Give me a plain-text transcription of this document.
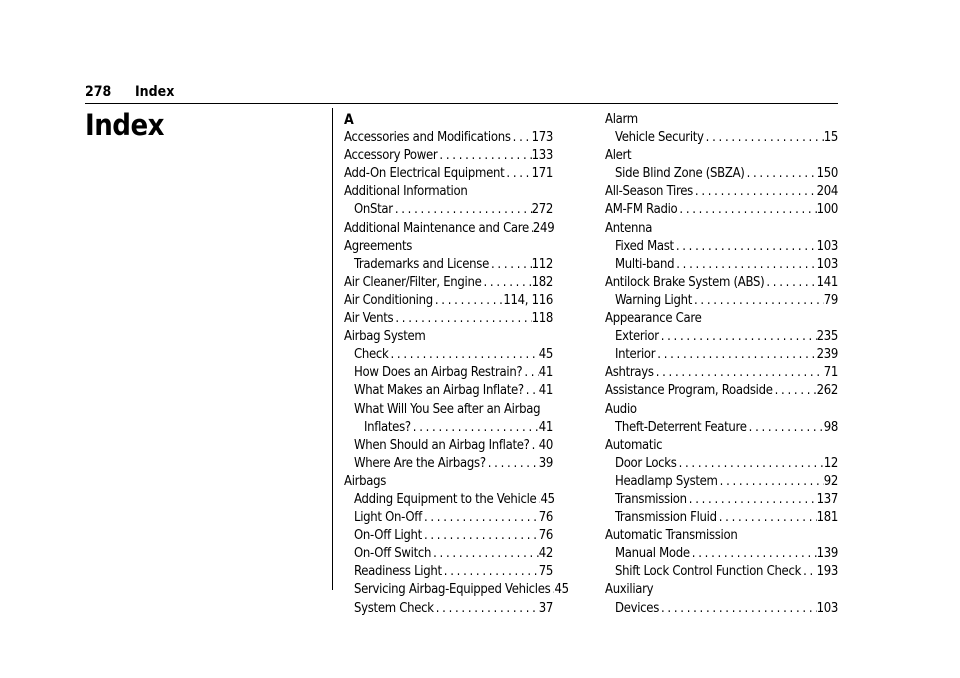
278 Index
Index	A
Accessories and Modifications . . . 173
Accessory Power . . .	133
Add-On Electrical Equipment . . . 171
Additional Information
OnStar . . .	272
Additional Maintenance and Care . . . 249
Agreements
Trademarks and License . . .	112
Air Cleaner/Filter, Engine . . .	182
Air Conditioning . . .	114, 116
Air Vents . . .	118
Airbag System
Check . . .	45
How Does an Airbag Restrain? . . . 41
What Makes an Airbag Inflate? . . . 41
What Will You See after an Airbag
Inflates? . . .	41
When Should an Airbag Inflate? . . . 40
Where Are the Airbags? . . .	39
Airbags
Adding Equipment to the Vehicle . . . 45
Light On-Off . . .	76
On-Off Light . . .	76
On-Off Switch . . .	42
Readiness Light . . .	75
Servicing Airbag-Equipped Vehicles . . . 45
System Check . . .	37
Alarm
Vehicle Security . . .	15
Alert
Side Blind Zone (SBZA) . . .	150
All-Season Tires . . .	204
AM-FM Radio . . .	100
Antenna
Fixed Mast . . .	103
Multi-band . . .	103
Antilock Brake System (ABS) . . .	141
Warning Light . . .	79
Appearance Care
Exterior . . .	235
Interior . . .	239
Ashtrays . . .	71
Assistance Program, Roadside . . .	262
Audio
Theft-Deterrent Feature . . .	98
Automatic
Door Locks . . .	12
Headlamp System . . .	92
Transmission . . .	137
Transmission Fluid . . .	181
Automatic Transmission
Manual Mode . . .	139
Shift Lock Control Function Check . . . 193
Auxiliary
Devices . . .	103
